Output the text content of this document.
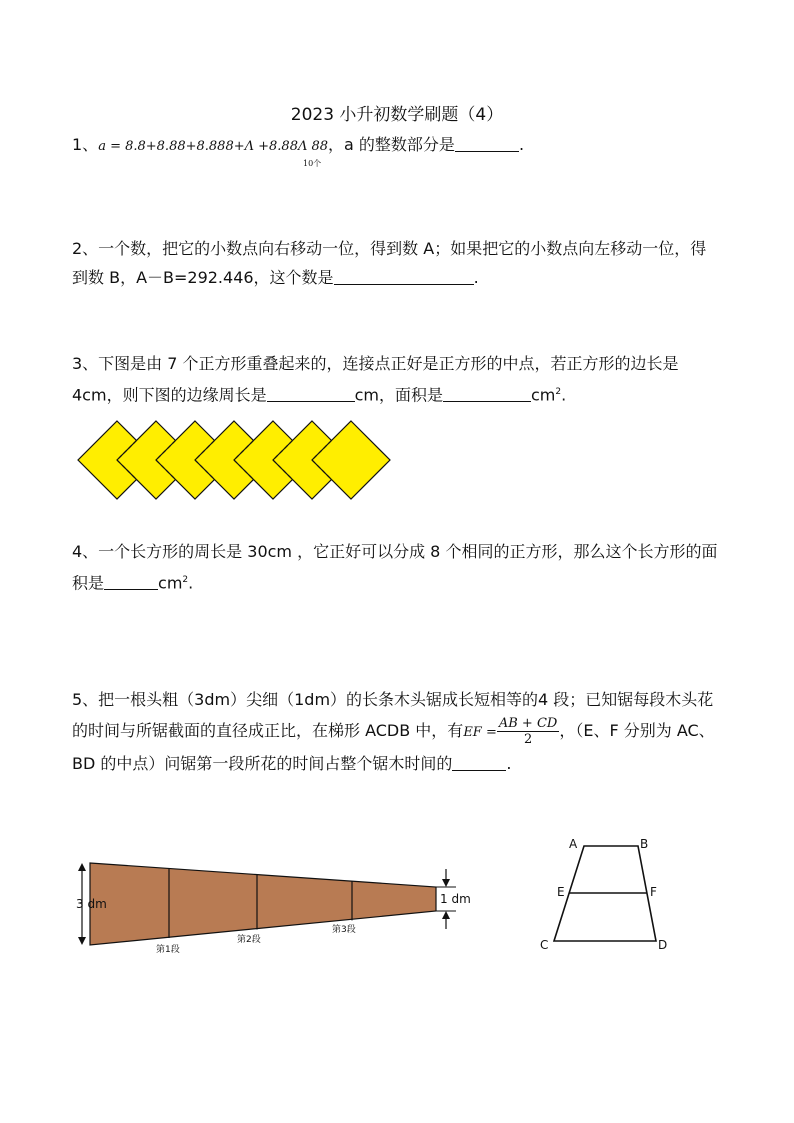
2023 小升初数学刷题（4）
1、a = 8.8+8.88+8.888+Λ +8.88Λ 88，a 的整数部分是	.
10个

2、一个数，把它的小数点向右移动一位，得到数 A；如果把它的小数点向左移动一位，得到数 B，A－B=292.446，这个数是	.

3、下图是由 7 个正方形重叠起来的，连接点正好是正方形的中点，若正方形的边长是 4cm，则下图的边缘周长是	cm，面积是	$cm^2$.

4、一个长方形的周长是 30cm ，它正好可以分成 8 个相同的正方形，那么这个长方形的面积是	$cm^2$.

5、把一根头粗（3dm）尖细（1dm）的长条木头锯成长短相等的4 段；已知锯每段木头花的时间与所锯截面的直径成正比，在梯形 ACDB 中，有EF = $\frac{AB + CD}{2}$ ，（E、F 分别为 AC、BD 的中点）问锯第一段所花的时间占整个锯木时间的	.

3 dm	1 dm
第1段
第2段
第3段
A	B
E	F
C	D
